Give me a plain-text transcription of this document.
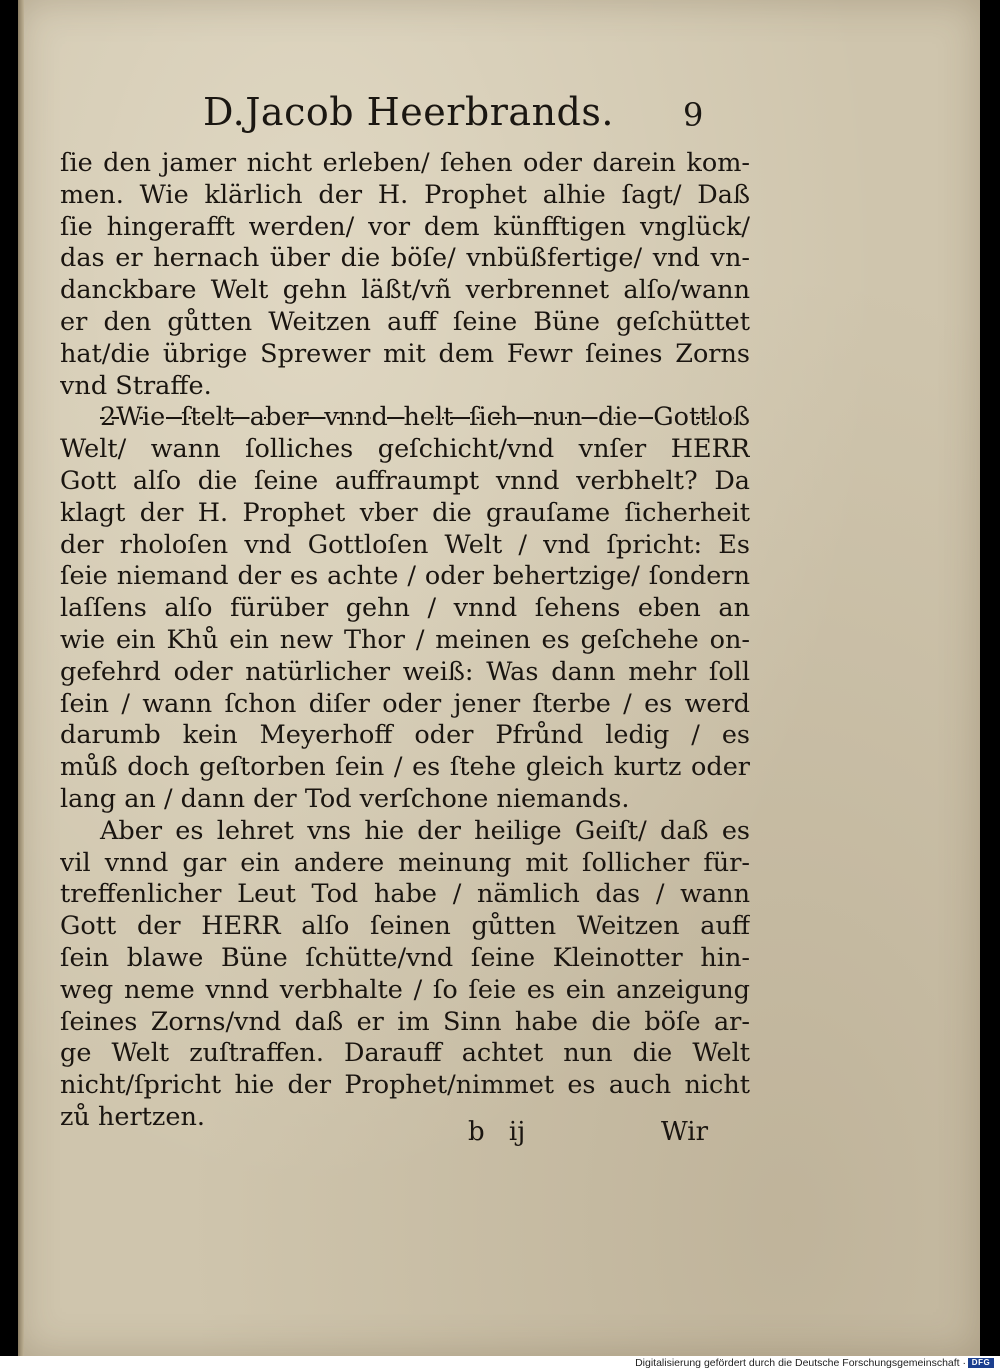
D.Jacob Heerbrands. 9
ſie den jamer nicht erleben/ ſehen oder darein kom-
men. Wie klärlich der H. Prophet alhie ſagt/ Daß
ſie hingerafft werden/ vor dem künfftigen vnglück/
das er hernach über die böſe/ vnbüßfertige/ vnd vn-
danckbare Welt gehn läßt/vñ verbrennet alſo/wann
er den gůtten Weitzen auff ſeine Büne geſchüttet
hat/die übrige Sprewer mit dem Fewr ſeines Zorns
vnd Straffe.
2Wie ſtelt aber vnnd helt ſich nun die Gottloß
Welt/ wann ſolliches geſchicht/vnd vnſer HERR
Gott alſo die ſeine auffraumpt vnnd verbhelt? Da
klagt der H. Prophet vber die grauſame ſicherheit
der rholoſen vnd Gottloſen Welt / vnd ſpricht: Es
ſeie niemand der es achte / oder behertzige/ ſondern
laſſens alſo fürüber gehn / vnnd ſehens eben an
wie ein Khů ein new Thor / meinen es geſchehe on-
gefehrd oder natürlicher weiß: Was dann mehr ſoll
ſein / wann ſchon diſer oder jener ſterbe / es werd
darumb kein Meyerhoff oder Pfrůnd ledig / es
můß doch geſtorben ſein / es ſtehe gleich kurtz oder
lang an / dann der Tod verſchone niemands.
Aber es lehret vns hie der heilige Geiſt/ daß es
vil vnnd gar ein andere meinung mit ſollicher für-
treffenlicher Leut Tod habe / nämlich das / wann
Gott der HERR alſo ſeinen gůtten Weitzen auff
ſein blawe Büne ſchütte/vnd ſeine Kleinotter hin-
weg neme vnnd verbhalte / ſo ſeie es ein anzeigung
ſeines Zorns/vnd daß er im Sinn habe die böſe ar-
ge Welt zuſtraffen. Darauff achtet nun die Welt
nicht/ſpricht hie der Prophet/nimmet es auch nicht
zů hertzen.
b ij	Wir
Digitalisierung gefördert durch die Deutsche Forschungsgemeinschaft · DFG
